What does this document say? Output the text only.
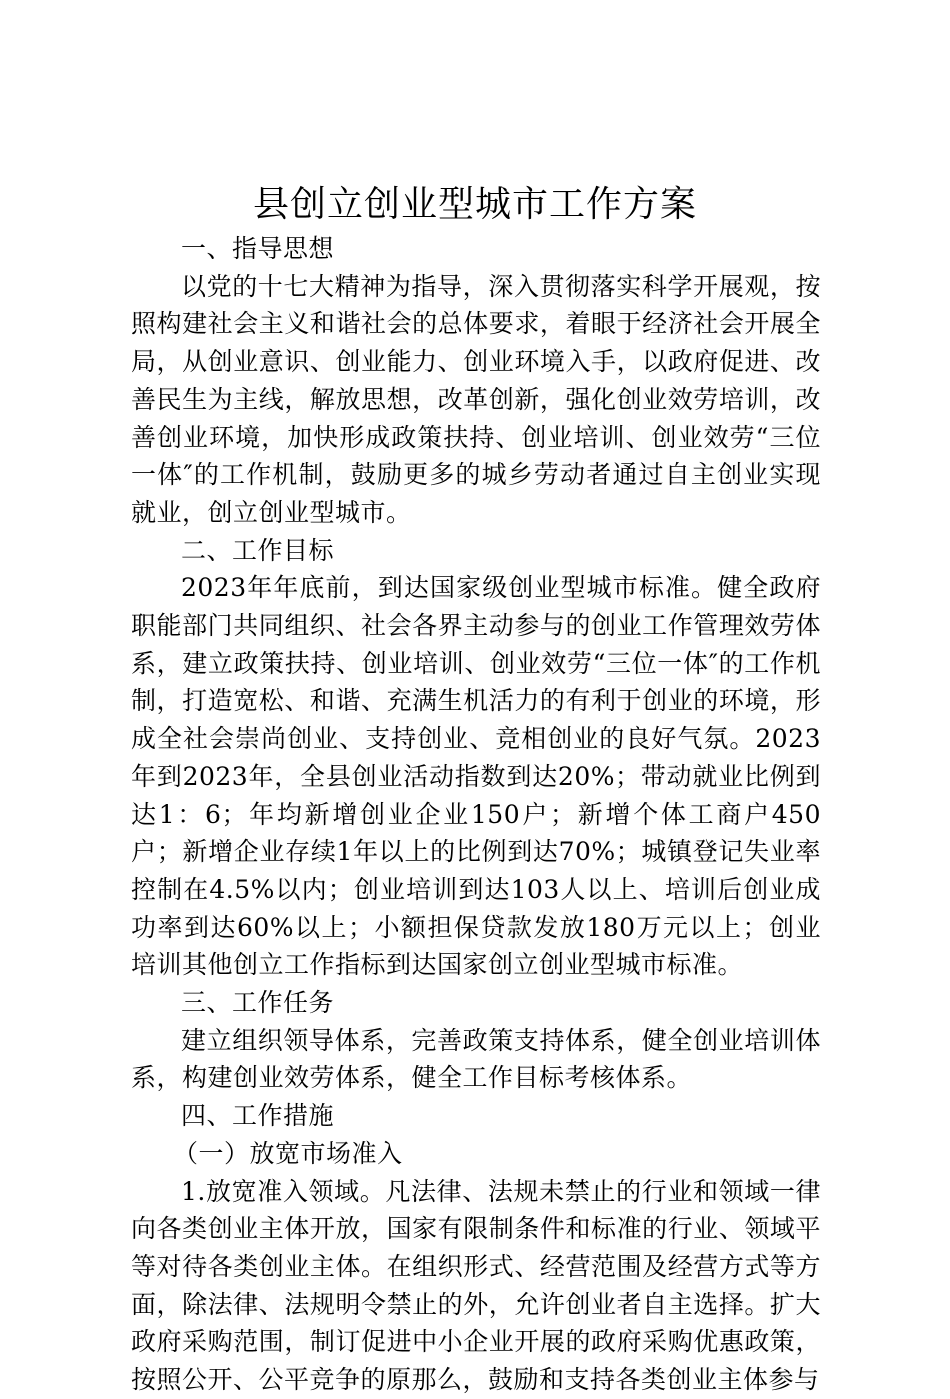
县创立创业型城市工作方案

一、指导思想

以党的十七大精神为指导，深入贯彻落实科学开展观，按照构建社会主义和谐社会的总体要求，着眼于经济社会开展全局，从创业意识、创业能力、创业环境入手，以政府促进、改善民生为主线，解放思想，改革创新，强化创业效劳培训，改善创业环境，加快形成政策扶持、创业培训、创业效劳“三位一体″的工作机制，鼓励更多的城乡劳动者通过自主创业实现就业，创立创业型城市。

二、工作目标

2023年年底前，到达国家级创业型城市标准。健全政府职能部门共同组织、社会各界主动参与的创业工作管理效劳体系，建立政策扶持、创业培训、创业效劳“三位一体″的工作机制，打造宽松、和谐、充满生机活力的有利于创业的环境，形成全社会崇尚创业、支持创业、竞相创业的良好气氛。2023年到2023年，全县创业活动指数到达20%；带动就业比例到达1：6；年均新增创业企业150户；新增个体工商户450户；新增企业存续1年以上的比例到达70%；城镇登记失业率控制在4.5%以内；创业培训到达103人以上、培训后创业成功率到达60%以上；小额担保贷款发放180万元以上；创业培训其他创立工作指标到达国家创立创业型城市标准。

三、工作任务

建立组织领导体系，完善政策支持体系，健全创业培训体系，构建创业效劳体系，健全工作目标考核体系。

四、工作措施

（一）放宽市场准入

1.放宽准入领域。凡法律、法规未禁止的行业和领域一律向各类创业主体开放，国家有限制条件和标准的行业、领域平等对待各类创业主体。在组织形式、经营范围及经营方式等方面，除法律、法规明令禁止的外，允许创业者自主选择。扩大政府采购范围，制订促进中小企业开展的政府采购优惠政策，按照公开、公平竞争的原那么，鼓励和支持各类创业主体参与
